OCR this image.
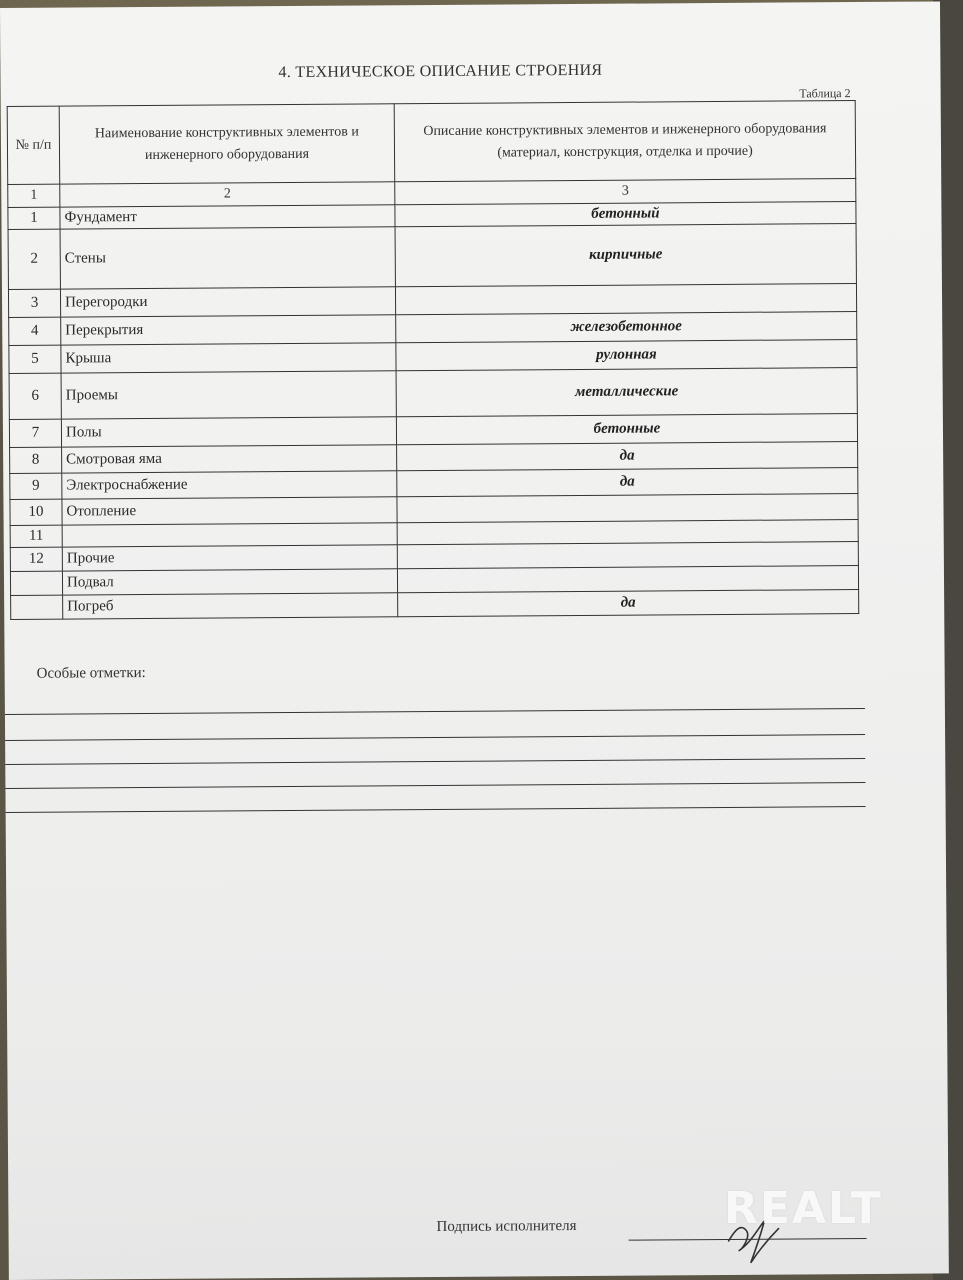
4. ТЕХНИЧЕСКОЕ ОПИСАНИЕ СТРОЕНИЯ
Таблица 2
№ п/п	Наименование конструктивных элементов и инженерного оборудования	Описание конструктивных элементов и инженерного оборудования (материал, конструкция, отделка и прочие)
1	2	3
1	Фундамент	бетонный
2	Стены	кирпичные
3	Перегородки	
4	Перекрытия	железобетонное
5	Крыша	рулонная
6	Проемы	металлические
7	Полы	бетонные
8	Смотровая яма	да
9	Электроснабжение	да
10	Отопление	
11		
12	Прочие	
	Подвал	
	Погреб	да
Особые отметки:
Подпись исполнителя	REALT
